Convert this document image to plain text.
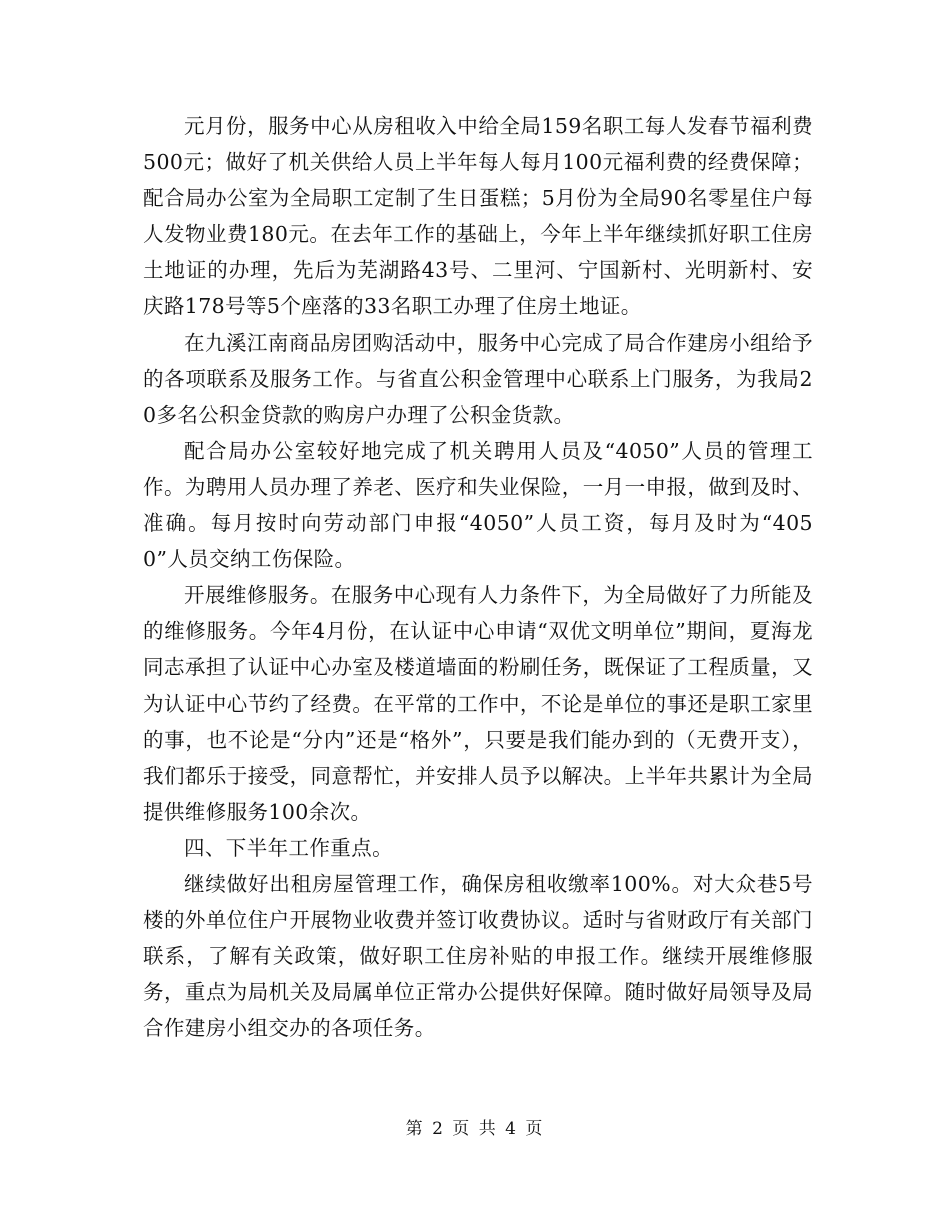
元月份，服务中心从房租收入中给全局159名职工每人发春节福利费500元；做好了机关供给人员上半年每人每月100元福利费的经费保障；配合局办公室为全局职工定制了生日蛋糕；5月份为全局90名零星住户每人发物业费180元。在去年工作的基础上，今年上半年继续抓好职工住房土地证的办理，先后为芜湖路43号、二里河、宁国新村、光明新村、安庆路178号等5个座落的33名职工办理了住房土地证。

在九溪江南商品房团购活动中，服务中心完成了局合作建房小组给予的各项联系及服务工作。与省直公积金管理中心联系上门服务，为我局20多名公积金贷款的购房户办理了公积金货款。

配合局办公室较好地完成了机关聘用人员及“4050”人员的管理工作。为聘用人员办理了养老、医疗和失业保险，一月一申报，做到及时、准确。每月按时向劳动部门申报“4050”人员工资，每月及时为“4050”人员交纳工伤保险。

开展维修服务。在服务中心现有人力条件下，为全局做好了力所能及的维修服务。今年4月份，在认证中心申请“双优文明单位”期间，夏海龙同志承担了认证中心办室及楼道墙面的粉刷任务，既保证了工程质量，又为认证中心节约了经费。在平常的工作中，不论是单位的事还是职工家里的事，也不论是“分内”还是“格外”，只要是我们能办到的（无费开支），我们都乐于接受，同意帮忙，并安排人员予以解决。上半年共累计为全局提供维修服务100余次。

四、下半年工作重点。

继续做好出租房屋管理工作，确保房租收缴率100%。对大众巷5号楼的外单位住户开展物业收费并签订收费协议。适时与省财政厅有关部门联系，了解有关政策，做好职工住房补贴的申报工作。继续开展维修服务，重点为局机关及局属单位正常办公提供好保障。随时做好局领导及局合作建房小组交办的各项任务。

第 2 页 共 4 页
